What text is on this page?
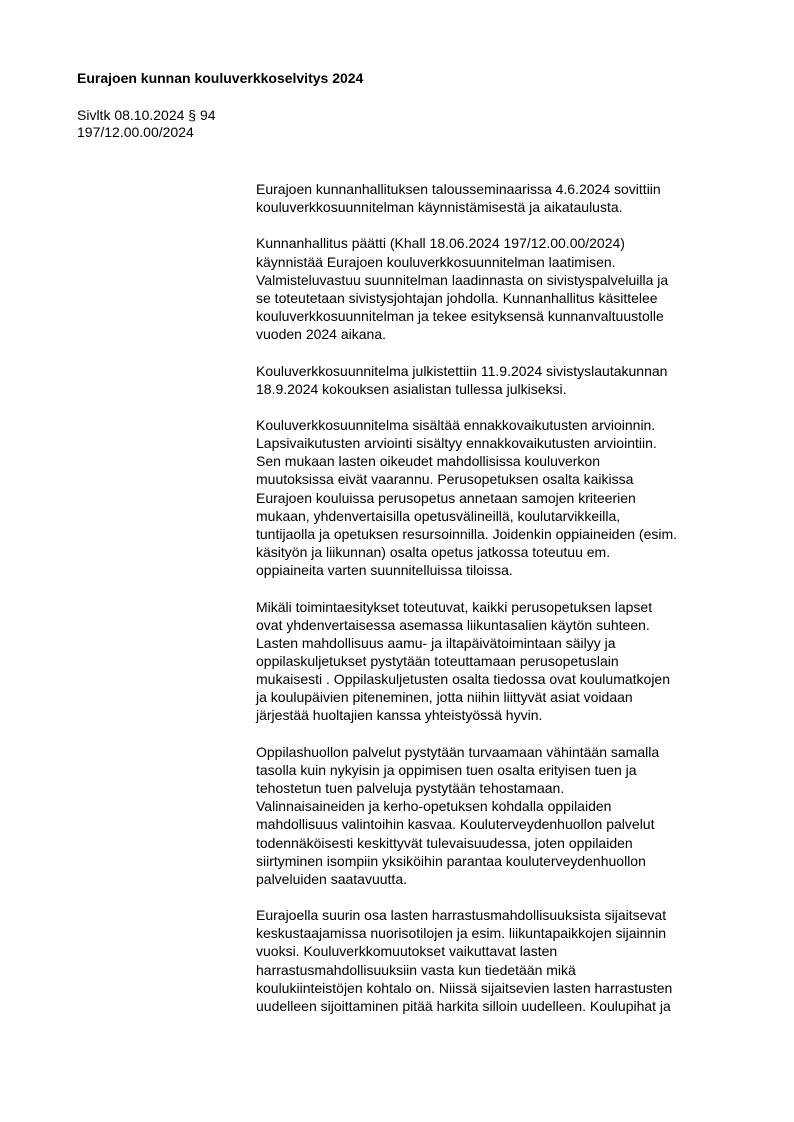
Eurajoen kunnan kouluverkkoselvitys 2024
Sivltk 08.10.2024 § 94
197/12.00.00/2024
Eurajoen kunnanhallituksen talousseminaarissa 4.6.2024 sovittiin
kouluverkkosuunnitelman käynnistämisestä ja aikataulusta.
Kunnanhallitus päätti (Khall 18.06.2024 197/12.00.00/2024)
käynnistää Eurajoen kouluverkkosuunnitelman laatimisen.
Valmisteluvastuu suunnitelman laadinnasta on sivistyspalveluilla ja
se toteutetaan sivistysjohtajan johdolla. Kunnanhallitus käsittelee
kouluverkkosuunnitelman ja tekee esityksensä kunnanvaltuustolle
vuoden 2024 aikana.
Kouluverkkosuunnitelma julkistettiin 11.9.2024 sivistyslautakunnan
18.9.2024 kokouksen asialistan tullessa julkiseksi.
Kouluverkkosuunnitelma sisältää ennakkovaikutusten arvioinnin.
Lapsivaikutusten arviointi sisältyy ennakkovaikutusten arviointiin.
Sen mukaan lasten oikeudet mahdollisissa kouluverkon
muutoksissa eivät vaarannu. Perusopetuksen osalta kaikissa
Eurajoen kouluissa perusopetus annetaan samojen kriteerien
mukaan, yhdenvertaisilla opetusvälineillä, koulutarvikkeilla,
tuntijaolla ja opetuksen resursoinnilla. Joidenkin oppiaineiden (esim.
käsityön ja liikunnan) osalta opetus jatkossa toteutuu em.
oppiaineita varten suunnitelluissa tiloissa.
Mikäli toimintaesitykset toteutuvat, kaikki perusopetuksen lapset
ovat yhdenvertaisessa asemassa liikuntasalien käytön suhteen.
Lasten mahdollisuus aamu- ja iltapäivätoimintaan säilyy ja
oppilaskuljetukset pystytään toteuttamaan perusopetuslain
mukaisesti . Oppilaskuljetusten osalta tiedossa ovat koulumatkojen
ja koulupäivien piteneminen, jotta niihin liittyvät asiat voidaan
järjestää huoltajien kanssa yhteistyössä hyvin.
Oppilashuollon palvelut pystytään turvaamaan vähintään samalla
tasolla kuin nykyisin ja oppimisen tuen osalta erityisen tuen ja
tehostetun tuen palveluja pystytään tehostamaan.
Valinnaisaineiden ja kerho-opetuksen kohdalla oppilaiden
mahdollisuus valintoihin kasvaa. Kouluterveydenhuollon palvelut
todennäköisesti keskittyvät tulevaisuudessa, joten oppilaiden
siirtyminen isompiin yksiköihin parantaa kouluterveydenhuollon
palveluiden saatavuutta.
Eurajoella suurin osa lasten harrastusmahdollisuuksista sijaitsevat
keskustaajamissa nuorisotilojen ja esim. liikuntapaikkojen sijainnin
vuoksi. Kouluverkkomuutokset vaikuttavat lasten
harrastusmahdollisuuksiin vasta kun tiedetään mikä
koulukiinteistöjen kohtalo on. Niissä sijaitsevien lasten harrastusten
uudelleen sijoittaminen pitää harkita silloin uudelleen. Koulupihat ja
